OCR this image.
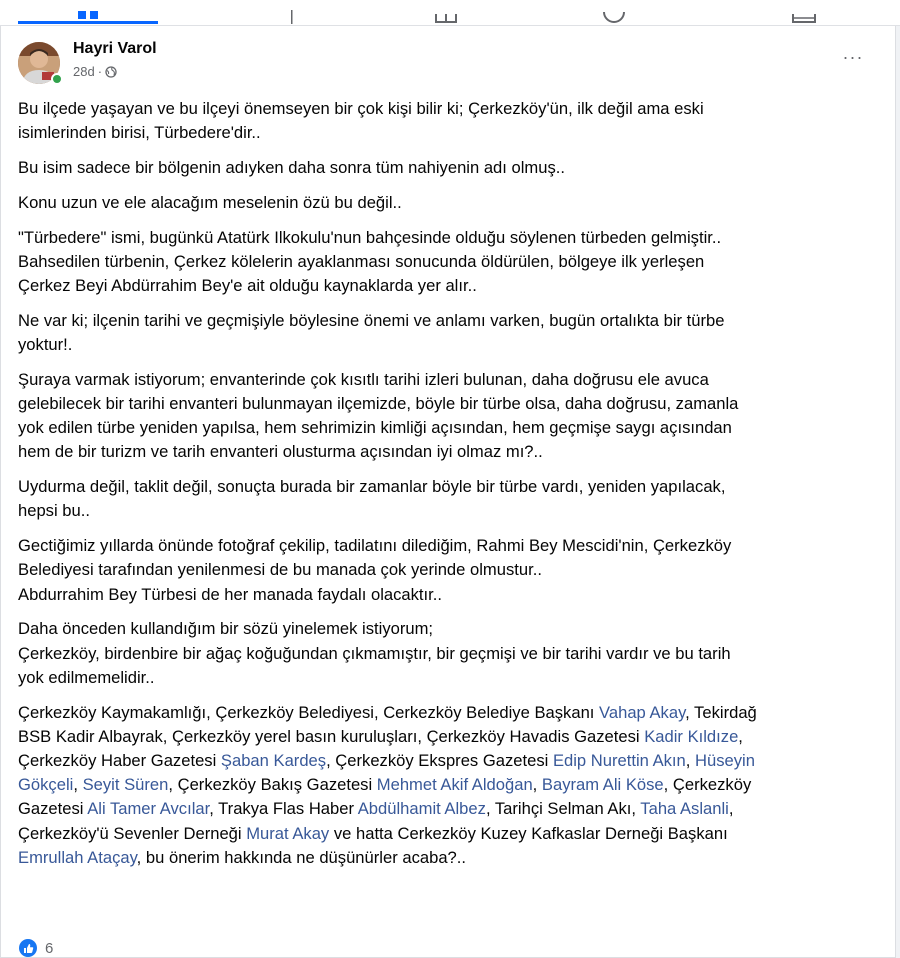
Hayri Varol
28d ·
···

Bu ilçede yaşayan ve bu ilçeyi önemseyen bir çok kişi bilir ki; Çerkezköy'ün, ilk değil ama eski
isimlerinden birisi, Türbedere'dir..

Bu isim sadece bir bölgenin adıyken daha sonra tüm nahiyenin adı olmuş..

Konu uzun ve ele alacağım meselenin özü bu değil..

"Türbedere" ismi, bugünkü Atatürk Ilkokulu'nun bahçesinde olduğu söylenen türbeden gelmiştir..
Bahsedilen türbenin, Çerkez kölelerin ayaklanması sonucunda öldürülen, bölgeye ilk yerleşen
Çerkez Beyi Abdürrahim Bey'e ait olduğu kaynaklarda yer alır..

Ne var ki; ilçenin tarihi ve geçmişiyle böylesine önemi ve anlamı varken, bugün ortalıkta bir türbe
yoktur!.

Şuraya varmak istiyorum; envanterinde çok kısıtlı tarihi izleri bulunan, daha doğrusu ele avuca
gelebilecek bir tarihi envanteri bulunmayan ilçemizde, böyle bir türbe olsa, daha doğrusu, zamanla
yok edilen türbe yeniden yapılsa, hem sehrimizin kimliği açısından, hem geçmişe saygı açısından
hem de bir turizm ve tarih envanteri olusturma açısından iyi olmaz mı?..

Uydurma değil, taklit değil, sonuçta burada bir zamanlar böyle bir türbe vardı, yeniden yapılacak,
hepsi bu..

Gectiğimiz yıllarda önünde fotoğraf çekilip, tadilatını dilediğim, Rahmi Bey Mescidi'nin, Çerkezköy
Belediyesi tarafından yenilenmesi de bu manada çok yerinde olmustur..
Abdurrahim Bey Türbesi de her manada faydalı olacaktır..

Daha önceden kullandığım bir sözü yinelemek istiyorum;
Çerkezköy, birdenbire bir ağaç koğuğundan çıkmamıştır, bir geçmişi ve bir tarihi vardır ve bu tarih
yok edilmemelidir..

Çerkezköy Kaymakamlığı, Çerkezköy Belediyesi, Cerkezköy Belediye Başkanı Vahap Akay, Tekirdağ
BSB Kadir Albayrak, Çerkezköy yerel basın kuruluşları, Çerkezköy Havadis Gazetesi Kadir Kıldıze,
Çerkezköy Haber Gazetesi Şaban Kardeş, Çerkezköy Ekspres Gazetesi Edip Nurettin Akın, Hüseyin
Gökçeli, Seyit Süren, Çerkezköy Bakış Gazetesi Mehmet Akif Aldoğan, Bayram Ali Köse, Çerkezköy
Gazetesi Ali Tamer Avcılar, Trakya Flas Haber Abdülhamit Albez, Tarihçi Selman Akı, Taha Aslanli,
Çerkezköy'ü Sevenler Derneği Murat Akay ve hatta Cerkezköy Kuzey Kafkaslar Derneği Başkanı
Emrullah Ataçay, bu önerim hakkında ne düşünürler acaba?..

6
